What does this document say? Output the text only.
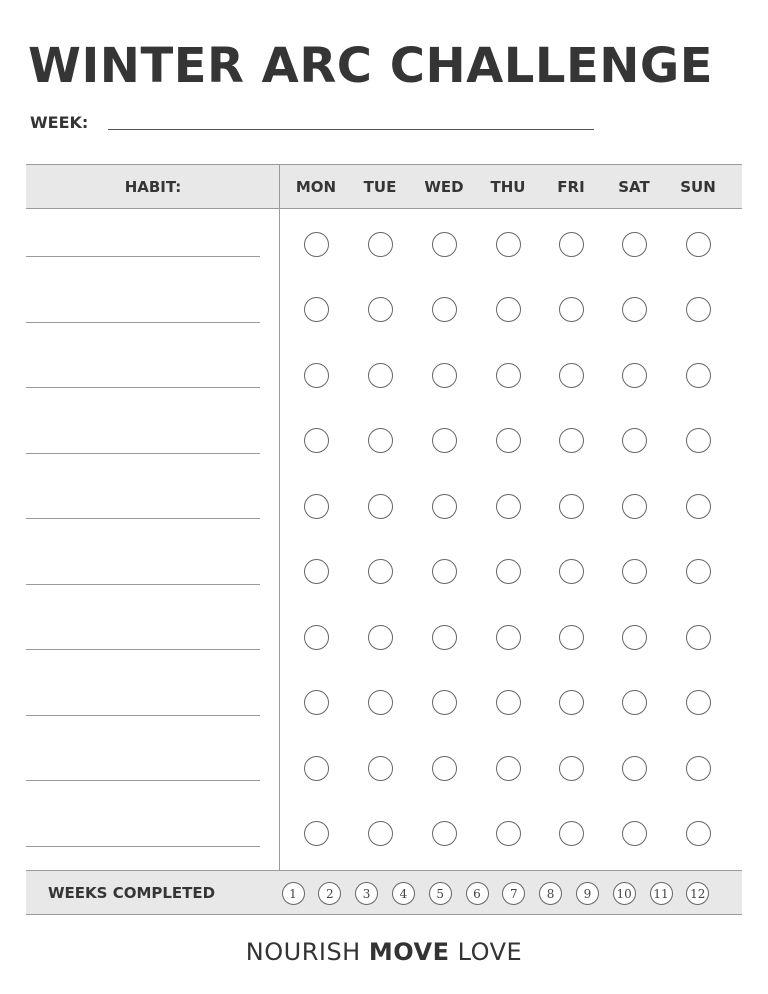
WINTER ARC CHALLENGE
WEEK:
HABIT:	MON	TUE	WED	THU	FRI	SAT	SUN
WEEKS COMPLETED	1	2	3	4	5	6	7	8	9	10	11	12
NOURISH MOVE LOVE
